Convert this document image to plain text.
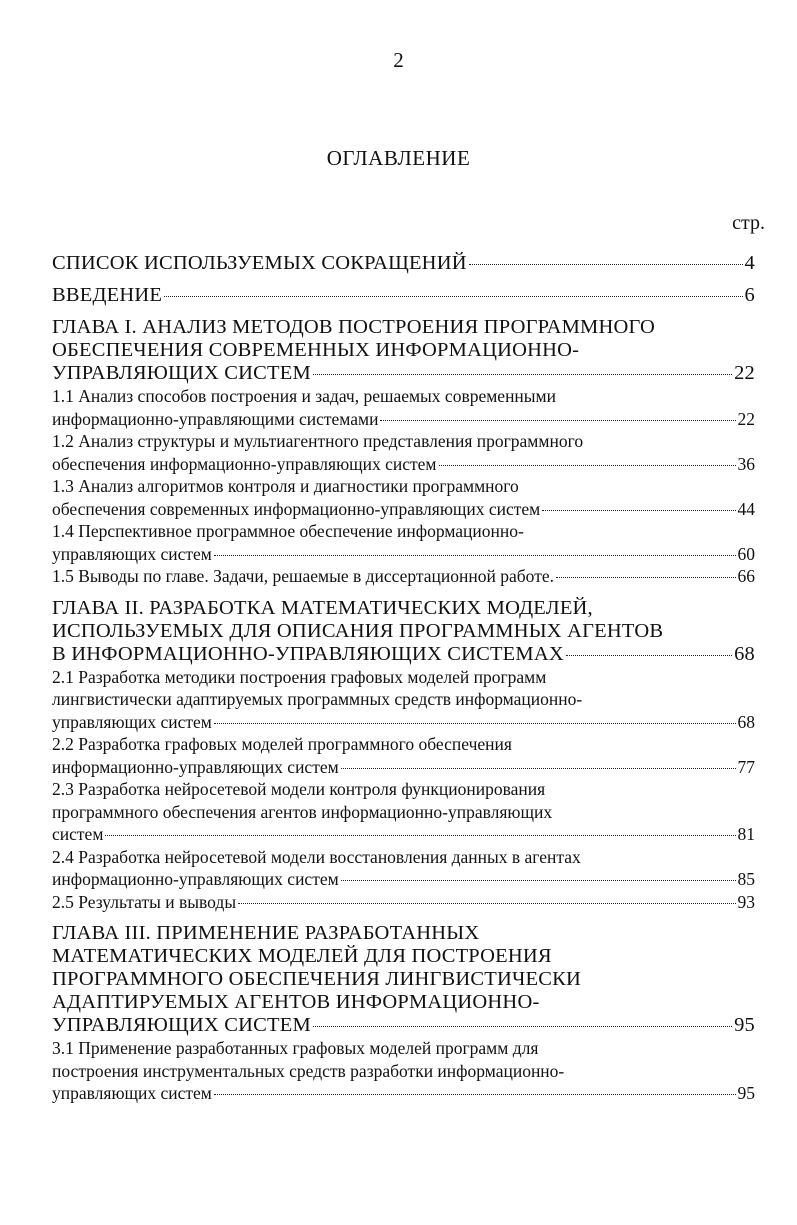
2
ОГЛАВЛЕНИЕ
стр.
СПИСОК ИСПОЛЬЗУЕМЫХ СОКРАЩЕНИЙ	4
ВВЕДЕНИЕ	6
ГЛАВА I. АНАЛИЗ МЕТОДОВ ПОСТРОЕНИЯ ПРОГРАММНОГО
ОБЕСПЕЧЕНИЯ СОВРЕМЕННЫХ ИНФОРМАЦИОННО-
УПРАВЛЯЮЩИХ СИСТЕМ	22
1.1 Анализ способов построения и задач, решаемых современными
информационно-управляющими системами	22
1.2 Анализ структуры и мультиагентного представления программного
обеспечения информационно-управляющих систем	36
1.3 Анализ алгоритмов контроля и диагностики программного
обеспечения современных информационно-управляющих систем	44
1.4 Перспективное программное обеспечение информационно-
управляющих систем	60
1.5 Выводы по главе. Задачи, решаемые в диссертационной работе.	66
ГЛАВА II. РАЗРАБОТКА МАТЕМАТИЧЕСКИХ МОДЕЛЕЙ,
ИСПОЛЬЗУЕМЫХ ДЛЯ ОПИСАНИЯ ПРОГРАММНЫХ АГЕНТОВ
В ИНФОРМАЦИОННО-УПРАВЛЯЮЩИХ СИСТЕМАХ	68
2.1 Разработка методики построения графовых моделей программ
лингвистически адаптируемых программных средств информационно-
управляющих систем	68
2.2 Разработка графовых моделей программного обеспечения
информационно-управляющих систем	77
2.3 Разработка нейросетевой модели контроля функционирования
программного обеспечения агентов информационно-управляющих
систем	81
2.4 Разработка нейросетевой модели восстановления данных в агентах
информационно-управляющих систем	85
2.5 Результаты и выводы	93
ГЛАВА III. ПРИМЕНЕНИЕ РАЗРАБОТАННЫХ
МАТЕМАТИЧЕСКИХ МОДЕЛЕЙ ДЛЯ ПОСТРОЕНИЯ
ПРОГРАММНОГО ОБЕСПЕЧЕНИЯ ЛИНГВИСТИЧЕСКИ
АДАПТИРУЕМЫХ АГЕНТОВ ИНФОРМАЦИОННО-
УПРАВЛЯЮЩИХ СИСТЕМ	95
3.1 Применение разработанных графовых моделей программ для
построения инструментальных средств разработки информационно-
управляющих систем	95
